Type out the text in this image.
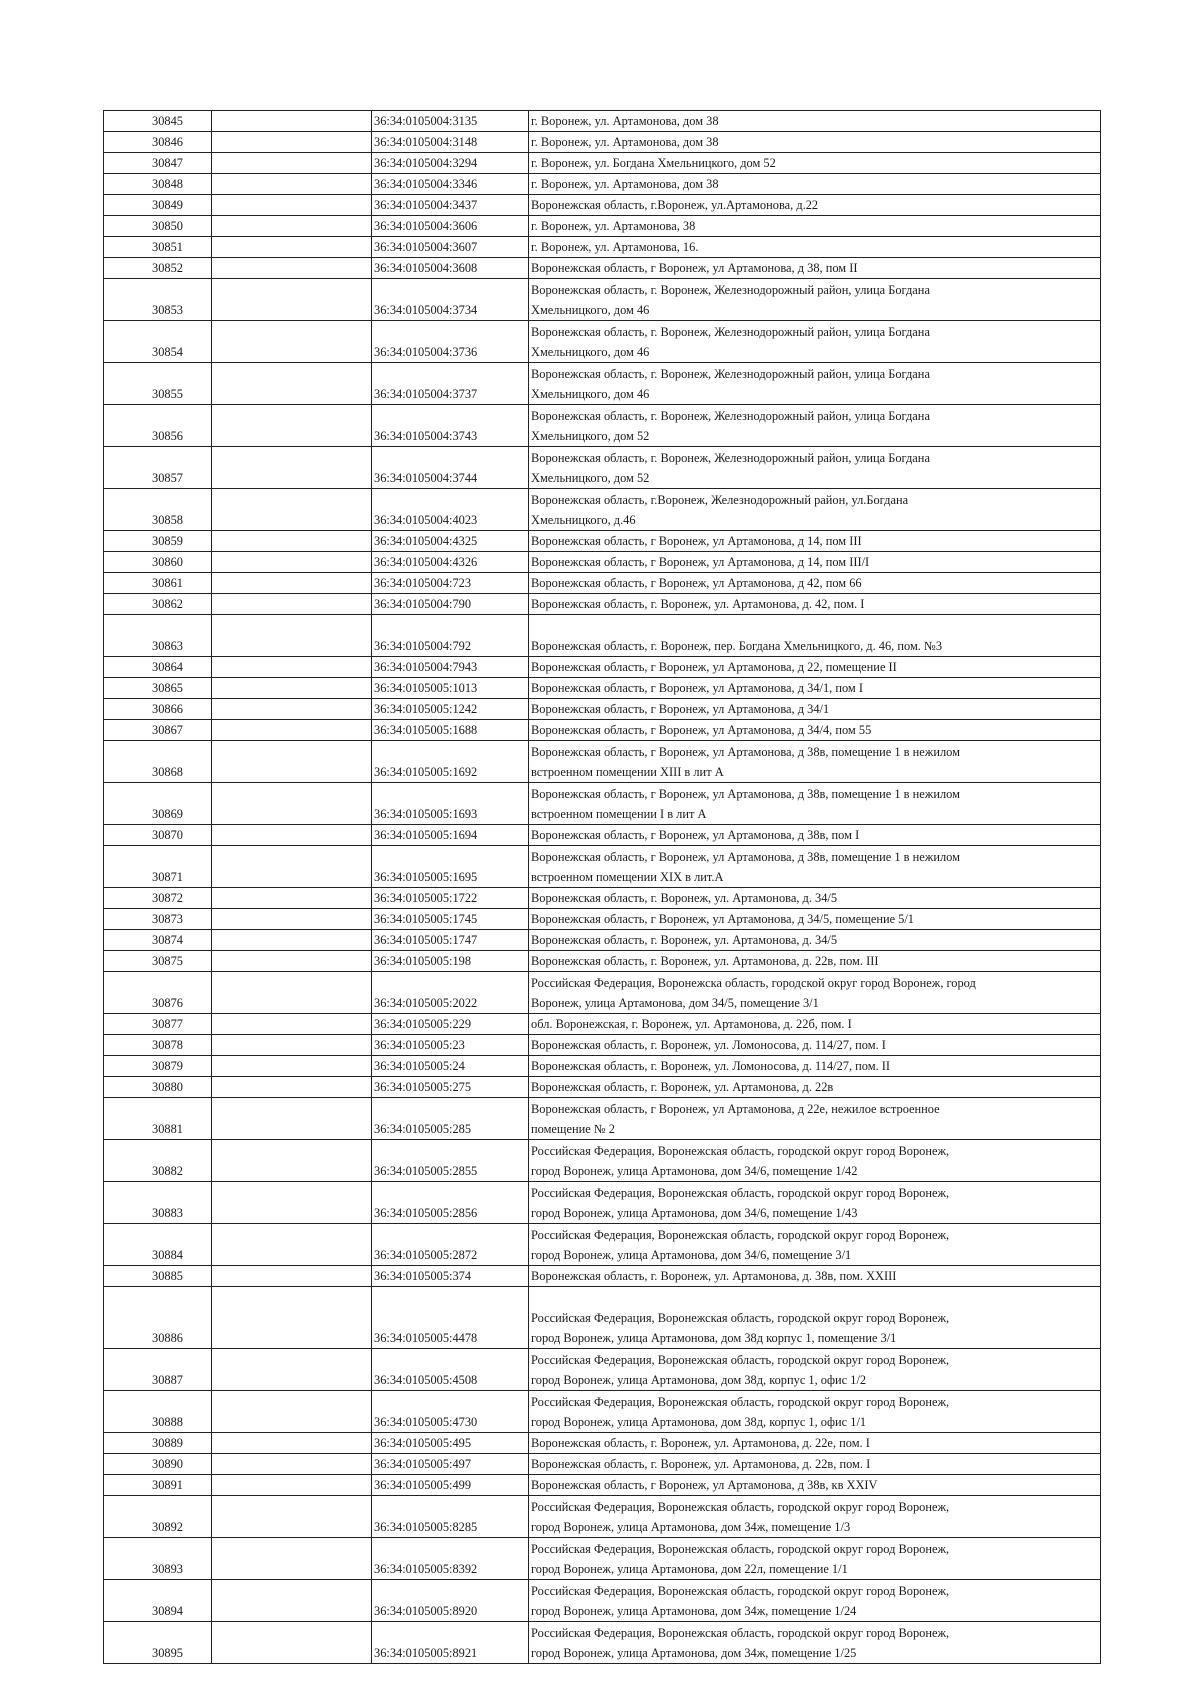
30845		36:34:0105004:3135	г. Воронеж, ул. Артамонова, дом 38

30846		36:34:0105004:3148	г. Воронеж, ул. Артамонова, дом 38

30847		36:34:0105004:3294	г. Воронеж, ул. Богдана Хмельницкого, дом 52

30848		36:34:0105004:3346	г. Воронеж, ул. Артамонова, дом 38

30849		36:34:0105004:3437	Воронежская область, г.Воронеж, ул.Артамонова, д.22

30850		36:34:0105004:3606	г. Воронеж, ул. Артамонова, 38

30851		36:34:0105004:3607	г. Воронеж, ул. Артамонова, 16.

30852		36:34:0105004:3608	Воронежская область, г Воронеж, ул Артамонова, д 38, пом II

30853		36:34:0105004:3734	Воронежская область, г. Воронеж, Железнодорожный район, улица Богдана
Хмельницкого, дом 46

30854		36:34:0105004:3736	Воронежская область, г. Воронеж, Железнодорожный район, улица Богдана
Хмельницкого, дом 46

30855		36:34:0105004:3737	Воронежская область, г. Воронеж, Железнодорожный район, улица Богдана
Хмельницкого, дом 46

30856		36:34:0105004:3743	Воронежская область, г. Воронеж, Железнодорожный район, улица Богдана
Хмельницкого, дом 52

30857		36:34:0105004:3744	Воронежская область, г. Воронеж, Железнодорожный район, улица Богдана
Хмельницкого, дом 52

30858		36:34:0105004:4023	Воронежская область, г.Воронеж, Железнодорожный район, ул.Богдана
Хмельницкого, д.46

30859		36:34:0105004:4325	Воронежская область, г Воронеж, ул Артамонова, д 14, пом III

30860		36:34:0105004:4326	Воронежская область, г Воронеж, ул Артамонова, д 14, пом III/I

30861		36:34:0105004:723	Воронежская область, г Воронеж, ул Артамонова, д 42, пом 66

30862		36:34:0105004:790	Воронежская область, г. Воронеж, ул. Артамонова, д. 42, пом. I

30863		36:34:0105004:792	Воронежская область, г. Воронеж, пер. Богдана Хмельницкого, д. 46, пом. №3

30864		36:34:0105004:7943	Воронежская область, г Воронеж, ул Артамонова, д 22, помещение II

30865		36:34:0105005:1013	Воронежская область, г Воронеж, ул Артамонова, д 34/1, пом I

30866		36:34:0105005:1242	Воронежская область, г Воронеж, ул Артамонова, д 34/1

30867		36:34:0105005:1688	Воронежская область, г Воронеж, ул Артамонова, д 34/4, пом 55

30868		36:34:0105005:1692	Воронежская область, г Воронеж, ул Артамонова, д 38в, помещение 1 в нежилом
встроенном помещении XIII в лит А

30869		36:34:0105005:1693	Воронежская область, г Воронеж, ул Артамонова, д 38в, помещение 1 в нежилом
встроенном помещении I в лит А

30870		36:34:0105005:1694	Воронежская область, г Воронеж, ул Артамонова, д 38в, пом I

30871		36:34:0105005:1695	Воронежская область, г Воронеж, ул Артамонова, д 38в, помещение 1 в нежилом
встроенном помещении XIX в лит.А

30872		36:34:0105005:1722	Воронежская область, г. Воронеж, ул. Артамонова, д. 34/5

30873		36:34:0105005:1745	Воронежская область, г Воронеж, ул Артамонова, д 34/5, помещение 5/1

30874		36:34:0105005:1747	Воронежская область, г. Воронеж, ул. Артамонова, д. 34/5

30875		36:34:0105005:198	Воронежская область, г. Воронеж, ул. Артамонова, д. 22в, пом. III

30876		36:34:0105005:2022	Российская Федерация, Воронежска область, городской округ город Воронеж, город
Воронеж, улица Артамонова, дом 34/5, помещение 3/1

30877		36:34:0105005:229	обл. Воронежская, г. Воронеж, ул. Артамонова, д. 22б, пом. I

30878		36:34:0105005:23	Воронежская область, г. Воронеж, ул. Ломоносова, д. 114/27, пом. I

30879		36:34:0105005:24	Воронежская область, г. Воронеж, ул. Ломоносова, д. 114/27, пом. II

30880		36:34:0105005:275	Воронежская область, г. Воронеж, ул. Артамонова, д. 22в

30881		36:34:0105005:285	Воронежская область, г Воронеж, ул Артамонова, д 22е, нежилое встроенное
помещение № 2

30882		36:34:0105005:2855	Российская Федерация, Воронежская область, городской округ город Воронеж,
город Воронеж, улица Артамонова, дом 34/6, помещение 1/42

30883		36:34:0105005:2856	Российская Федерация, Воронежская область, городской округ город Воронеж,
город Воронеж, улица Артамонова, дом 34/6, помещение 1/43

30884		36:34:0105005:2872	Российская Федерация, Воронежская область, городской округ город Воронеж,
город Воронеж, улица Артамонова, дом 34/6, помещение 3/1

30885		36:34:0105005:374	Воронежская область, г. Воронеж, ул. Артамонова, д. 38в, пом. XXIII

30886		36:34:0105005:4478	Российская Федерация, Воронежская область, городской округ город Воронеж,
город Воронеж, улица Артамонова, дом 38д корпус 1, помещение 3/1

30887		36:34:0105005:4508	Российская Федерация, Воронежская область, городской округ город Воронеж,
город Воронеж, улица Артамонова, дом 38д, корпус 1, офис 1/2

30888		36:34:0105005:4730	Российская Федерация, Воронежская область, городской округ город Воронеж,
город Воронеж, улица Артамонова, дом 38д, корпус 1, офис 1/1

30889		36:34:0105005:495	Воронежская область, г. Воронеж, ул. Артамонова, д. 22е, пом. I

30890		36:34:0105005:497	Воронежская область, г. Воронеж, ул. Артамонова, д. 22в, пом. I

30891		36:34:0105005:499	Воронежская область, г Воронеж, ул Артамонова, д 38в, кв XXIV

30892		36:34:0105005:8285	Российская Федерация, Воронежская область, городской округ город Воронеж,
город Воронеж, улица Артамонова, дом 34ж, помещение 1/3

30893		36:34:0105005:8392	Российская Федерация, Воронежская область, городской округ город Воронеж,
город Воронеж, улица Артамонова, дом 22л, помещение 1/1

30894		36:34:0105005:8920	Российская Федерация, Воронежская область, городской округ город Воронеж,
город Воронеж, улица Артамонова, дом 34ж, помещение 1/24

30895		36:34:0105005:8921	Российская Федерация, Воронежская область, городской округ город Воронеж,
город Воронеж, улица Артамонова, дом 34ж, помещение 1/25
